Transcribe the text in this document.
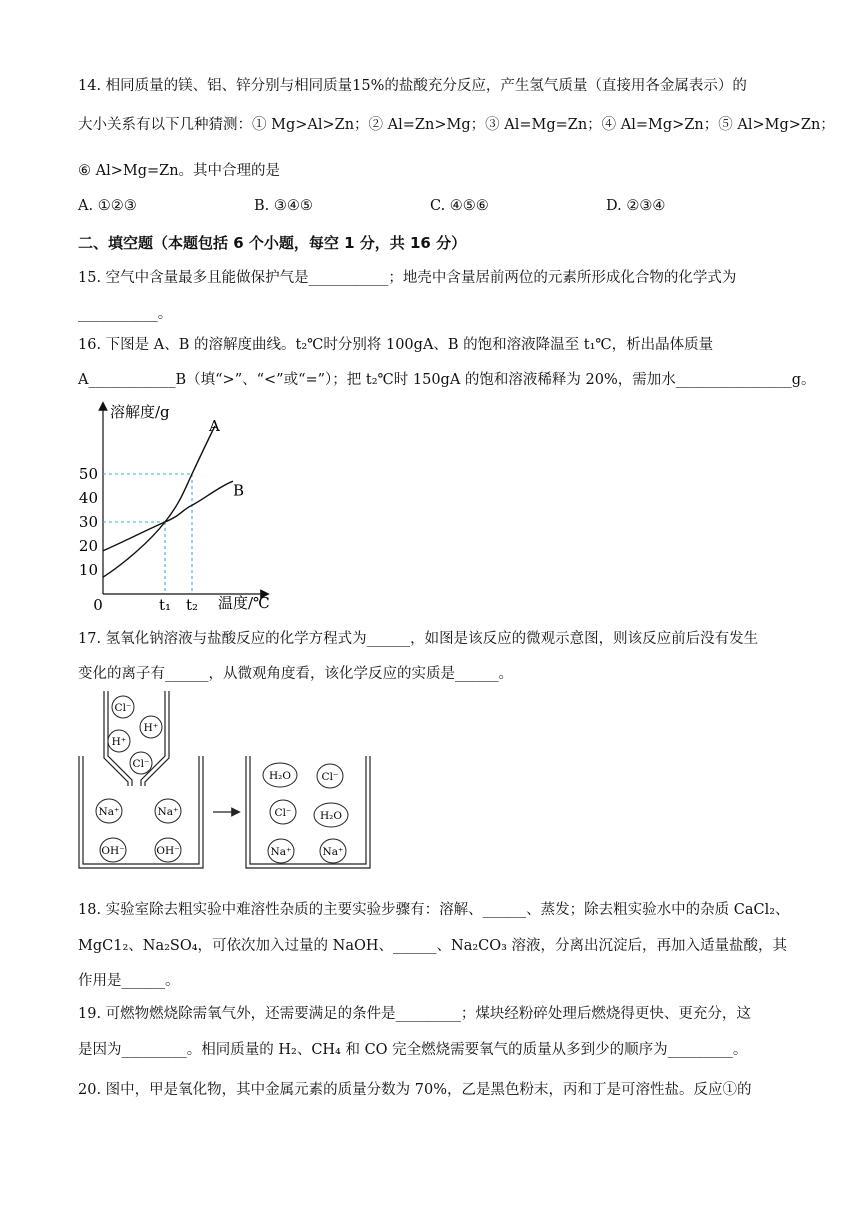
14. 相同质量的镁、铝、锌分别与相同质量15%的盐酸充分反应，产生氢气质量（直接用各金属表示）的
大小关系有以下几种猜测：① Mg>Al>Zn；② Al=Zn>Mg；③ Al=Mg=Zn；④ Al=Mg>Zn；⑤ Al>Mg>Zn；
⑥ Al>Mg=Zn。其中合理的是
A. ①②③	B. ③④⑤	C. ④⑤⑥	D. ②③④
二、填空题（本题包括 6 个小题，每空 1 分，共 16 分）
15. 空气中含量最多且能做保护气是___________；地壳中含量居前两位的元素所形成化合物的化学式为
___________。
16. 下图是 A、B 的溶解度曲线。t₂℃时分别将 100gA、B 的饱和溶液降温至 t₁℃，析出晶体质量
A____________B（填“>”、“<”或“=”）；把 t₂℃时 150gA 的饱和溶液稀释为 20%，需加水________________g。
溶解度/g
温度/℃
10
20
30
40
50
0	t₁ t₂
A
B
17. 氢氧化钠溶液与盐酸反应的化学方程式为______，如图是该反应的微观示意图，则该反应前后没有发生
变化的离子有______，从微观角度看，该化学反应的实质是______。
Cl⁻
H⁺
H⁺
Cl⁻
Na⁺	Na⁺
OH⁻	OH⁻
H₂O	Cl⁻
Cl⁻	H₂O
Na⁺	Na⁺
18. 实验室除去粗实验中难溶性杂质的主要实验步骤有：溶解、______、蒸发；除去粗实验水中的杂质 CaCl₂、
MgC1₂、Na₂SO₄，可依次加入过量的 NaOH、______、Na₂CO₃ 溶液，分离出沉淀后，再加入适量盐酸，其
作用是______。
19. 可燃物燃烧除需氧气外，还需要满足的条件是_________；煤块经粉碎处理后燃烧得更快、更充分，这
是因为_________。相同质量的 H₂、CH₄ 和 CO 完全燃烧需要氧气的质量从多到少的顺序为_________。
20. 图中，甲是氧化物，其中金属元素的质量分数为 70%，乙是黑色粉末，丙和丁是可溶性盐。反应①的
